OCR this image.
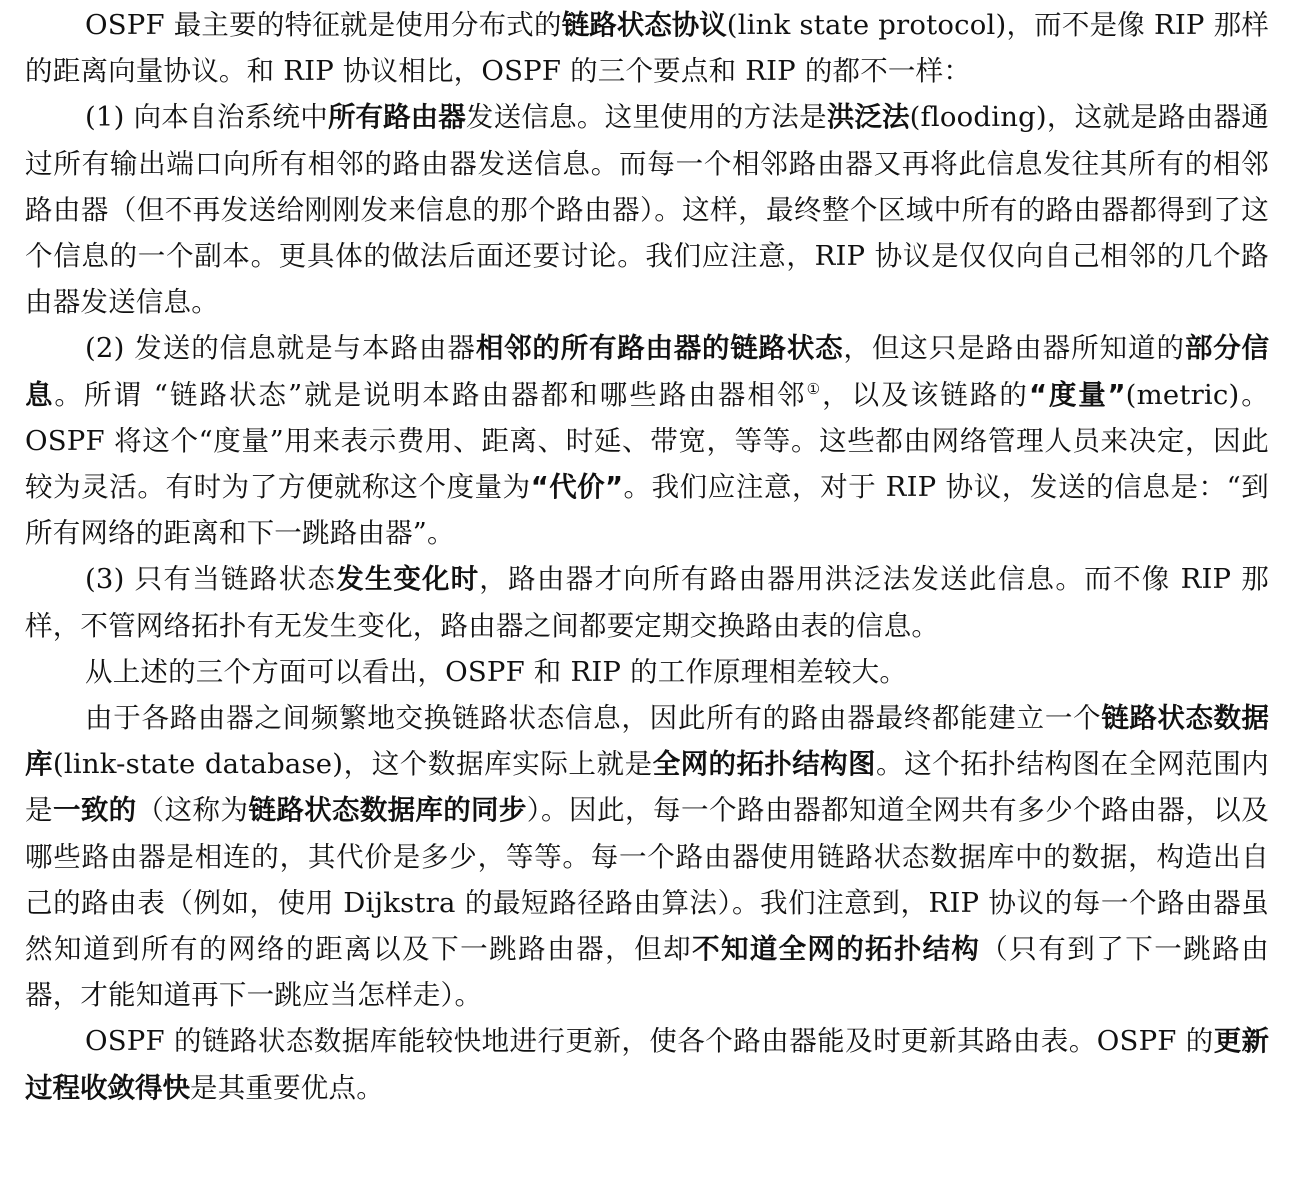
OSPF 最主要的特征就是使用分布式的链路状态协议(link state protocol)，而不是像 RIP 那样的距离向量协议。和 RIP 协议相比，OSPF 的三个要点和 RIP 的都不一样：

(1) 向本自治系统中所有路由器发送信息。这里使用的方法是洪泛法(flooding)，这就是路由器通过所有输出端口向所有相邻的路由器发送信息。而每一个相邻路由器又再将此信息发往其所有的相邻路由器（但不再发送给刚刚发来信息的那个路由器）。这样，最终整个区域中所有的路由器都得到了这个信息的一个副本。更具体的做法后面还要讨论。我们应注意，RIP 协议是仅仅向自己相邻的几个路由器发送信息。

(2) 发送的信息就是与本路由器相邻的所有路由器的链路状态，但这只是路由器所知道的部分信息。所谓 “链路状态”就是说明本路由器都和哪些路由器相邻①，以及该链路的“度量”(metric)。OSPF 将这个“度量”用来表示费用、距离、时延、带宽，等等。这些都由网络管理人员来决定，因此较为灵活。有时为了方便就称这个度量为“代价”。我们应注意，对于 RIP 协议，发送的信息是：“到所有网络的距离和下一跳路由器”。

(3) 只有当链路状态发生变化时，路由器才向所有路由器用洪泛法发送此信息。而不像 RIP 那样，不管网络拓扑有无发生变化，路由器之间都要定期交换路由表的信息。

从上述的三个方面可以看出，OSPF 和 RIP 的工作原理相差较大。

由于各路由器之间频繁地交换链路状态信息，因此所有的路由器最终都能建立一个链路状态数据库(link-state database)，这个数据库实际上就是全网的拓扑结构图。这个拓扑结构图在全网范围内是一致的（这称为链路状态数据库的同步）。因此，每一个路由器都知道全网共有多少个路由器，以及哪些路由器是相连的，其代价是多少，等等。每一个路由器使用链路状态数据库中的数据，构造出自己的路由表（例如，使用 Dijkstra 的最短路径路由算法）。我们注意到，RIP 协议的每一个路由器虽然知道到所有的网络的距离以及下一跳路由器，但却不知道全网的拓扑结构（只有到了下一跳路由器，才能知道再下一跳应当怎样走）。

OSPF 的链路状态数据库能较快地进行更新，使各个路由器能及时更新其路由表。OSPF 的更新过程收敛得快是其重要优点。
